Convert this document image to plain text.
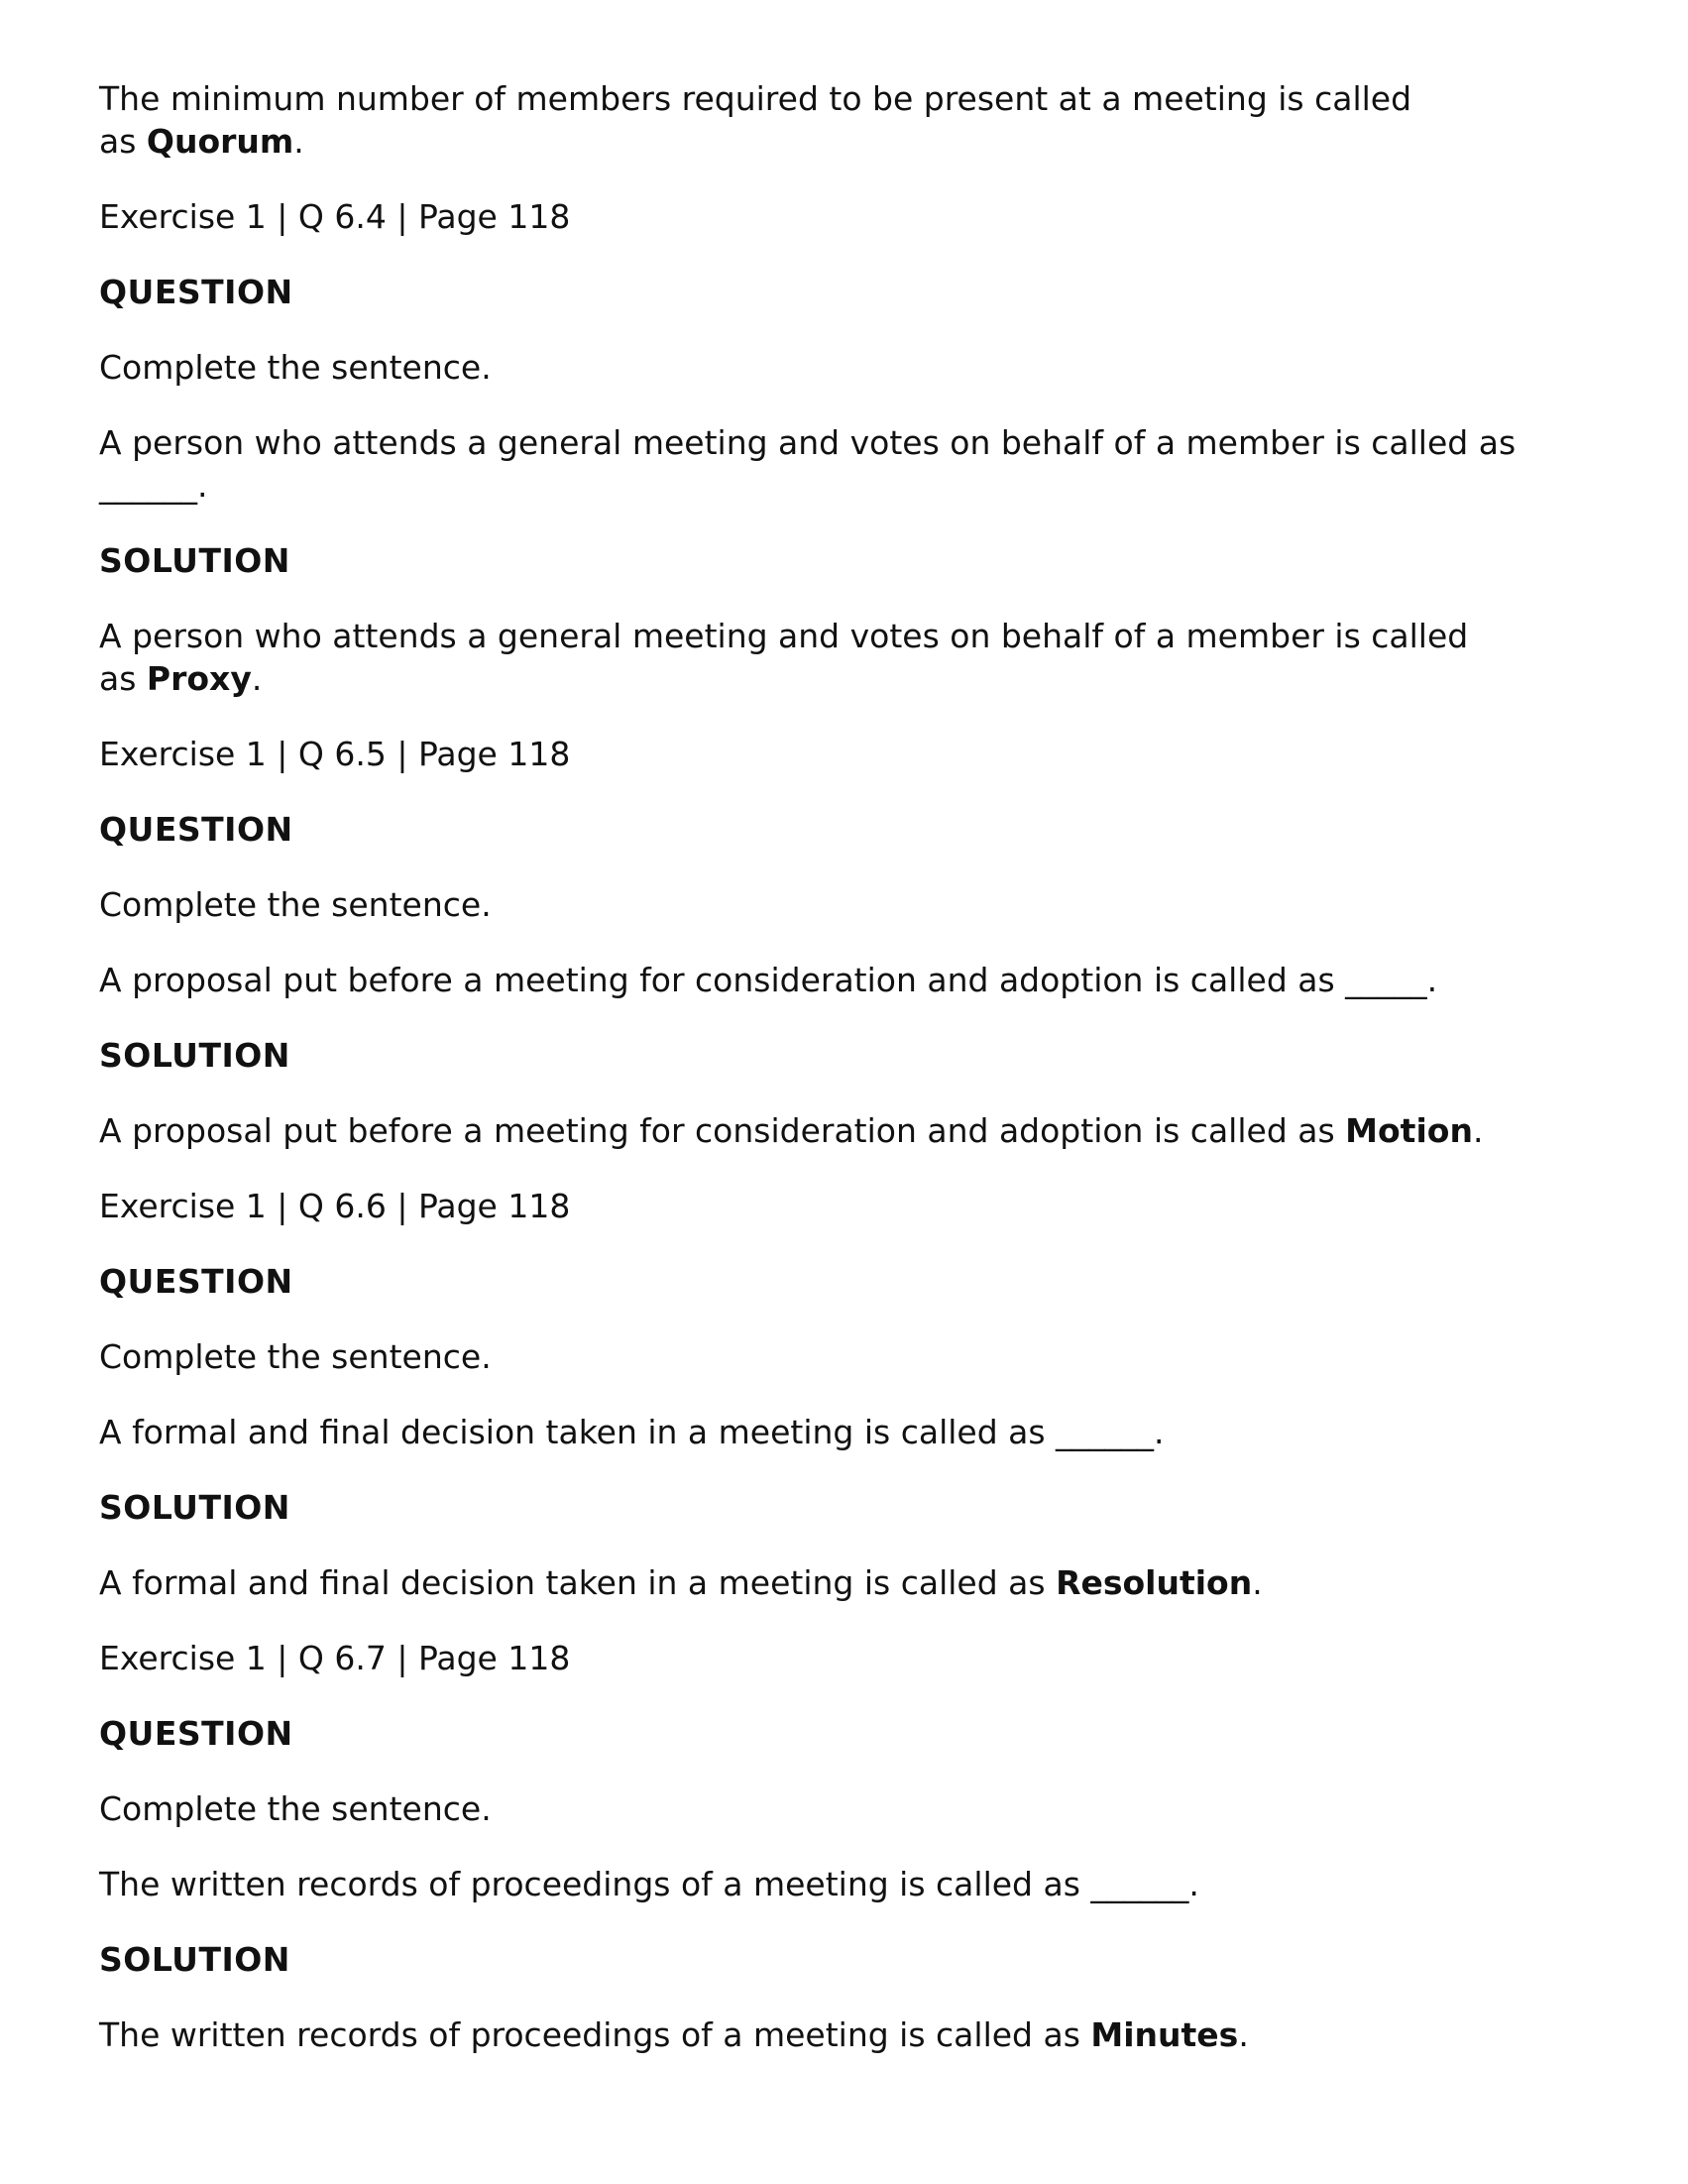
The minimum number of members required to be present at a meeting is called
as Quorum.

Exercise 1 | Q 6.4 | Page 118

QUESTION

Complete the sentence.

A person who attends a general meeting and votes on behalf of a member is called as
______.

SOLUTION

A person who attends a general meeting and votes on behalf of a member is called
as Proxy.

Exercise 1 | Q 6.5 | Page 118

QUESTION

Complete the sentence.

A proposal put before a meeting for consideration and adoption is called as _____.

SOLUTION

A proposal put before a meeting for consideration and adoption is called as Motion.

Exercise 1 | Q 6.6 | Page 118

QUESTION

Complete the sentence.

A formal and final decision taken in a meeting is called as ______.

SOLUTION

A formal and final decision taken in a meeting is called as Resolution.

Exercise 1 | Q 6.7 | Page 118

QUESTION

Complete the sentence.

The written records of proceedings of a meeting is called as ______.

SOLUTION

The written records of proceedings of a meeting is called as Minutes.
